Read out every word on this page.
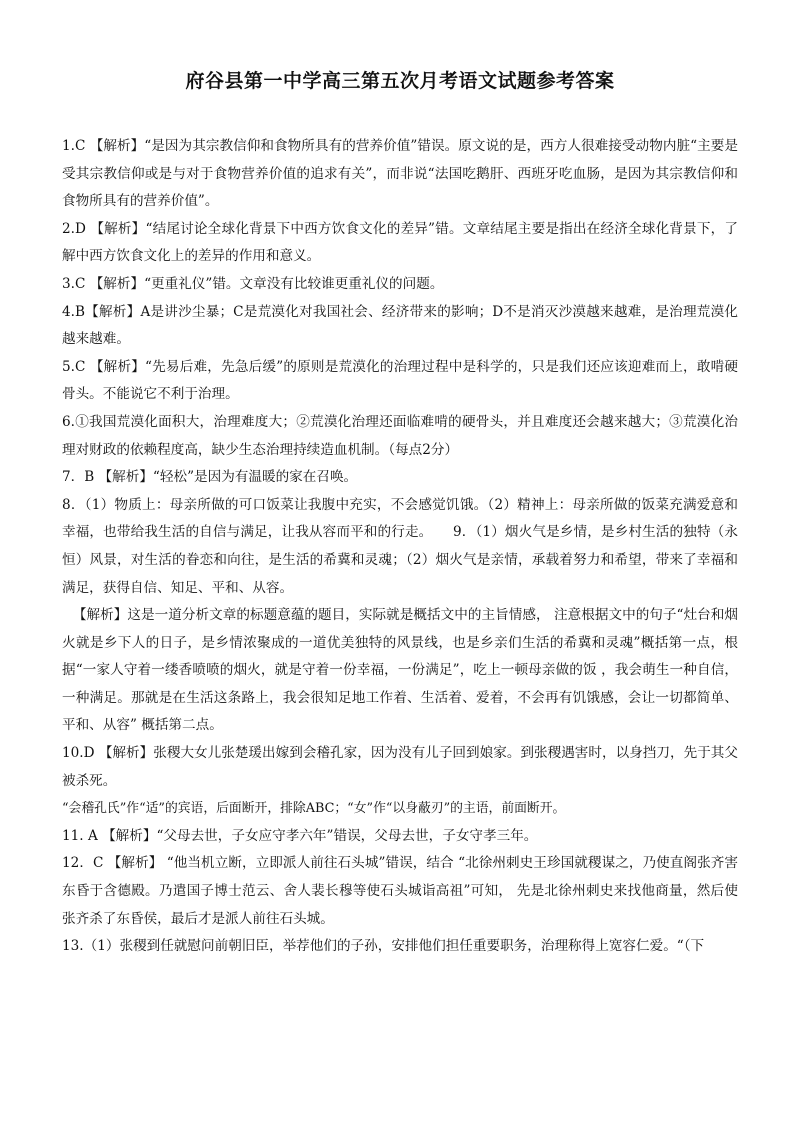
府谷县第一中学高三第五次月考语文试题参考答案

1.C 【解析】“是因为其宗教信仰和食物所具有的营养价值”错误。原文说的是，西方人很难接受动物内脏“主要是受其宗教信仰或是与对于食物营养价值的追求有关”，而非说“法国吃鹅肝、西班牙吃血肠，是因为其宗教信仰和食物所具有的营养价值”。

2.D 【解析】“结尾讨论全球化背景下中西方饮食文化的差异”错。文章结尾主要是指出在经济全球化背景下，了解中西方饮食文化上的差异的作用和意义。

3.C 【解析】“更重礼仪”错。文章没有比较谁更重礼仪的问题。

4.B【解析】A是讲沙尘暴；C是荒漠化对我国社会、经济带来的影响；D不是消灭沙漠越来越难，是治理荒漠化越来越难。

5.C 【解析】“先易后难，先急后缓”的原则是荒漠化的治理过程中是科学的，只是我们还应该迎难而上，敢啃硬骨头。不能说它不利于治理。

6.①我国荒漠化面积大，治理难度大；②荒漠化治理还面临难啃的硬骨头，并且难度还会越来越大；③荒漠化治理对财政的依赖程度高，缺少生态治理持续造血机制。（每点2分）

7．B 【解析】“轻松”是因为有温暖的家在召唤。

8．（1）物质上：母亲所做的可口饭菜让我腹中充实，不会感觉饥饿。（2）精神上：母亲所做的饭菜充满爱意和幸福，也带给我生活的自信与满足，让我从容而平和的行走。　　9．（1）烟火气是乡情，是乡村生活的独特（永恒）风景，对生活的眷恋和向往，是生活的希冀和灵魂；（2）烟火气是亲情，承载着努力和希望，带来了幸福和满足，获得自信、知足、平和、从容。

【解析】这是一道分析文章的标题意蕴的题目，实际就是概括文中的主旨情感， 注意根据文中的句子“灶台和烟火就是乡下人的日子，是乡情浓聚成的一道优美独特的风景线，也是乡亲们生活的希冀和灵魂”概括第一点，根据“一家人守着一缕香喷喷的烟火，就是守着一份幸福，一份满足”，吃上一顿母亲做的饭 ，我会萌生一种自信，一种满足。那就是在生活这条路上，我会很知足地工作着、生活着、爱着，不会再有饥饿感，会让一切都简单、平和、从容” 概括第二点。

10.D 【解析】张稷大女儿张楚瑗出嫁到会稽孔家，因为没有儿子回到娘家。到张稷遇害时，以身挡刀，先于其父被杀死。

“会稽孔氏”作“适”的宾语，后面断开，排除ABC；“女”作“以身蔽刃”的主语，前面断开。

11. A 【解析】“父母去世，子女应守孝六年”错误，父母去世，子女守孝三年。

12．C 【解析】 “他当机立断，立即派人前往石头城”错误，结合 “北徐州刺史王珍国就稷谋之，乃使直阁张齐害东昏于含德殿。乃遣国子博士范云、舍人裴长穆等使石头城诣高祖”可知， 先是北徐州刺史来找他商量，然后使张齐杀了东昏侯，最后才是派人前往石头城。

13.（1）张稷到任就慰问前朝旧臣，举荐他们的子孙，安排他们担任重要职务，治理称得上宽容仁爱。“（下
